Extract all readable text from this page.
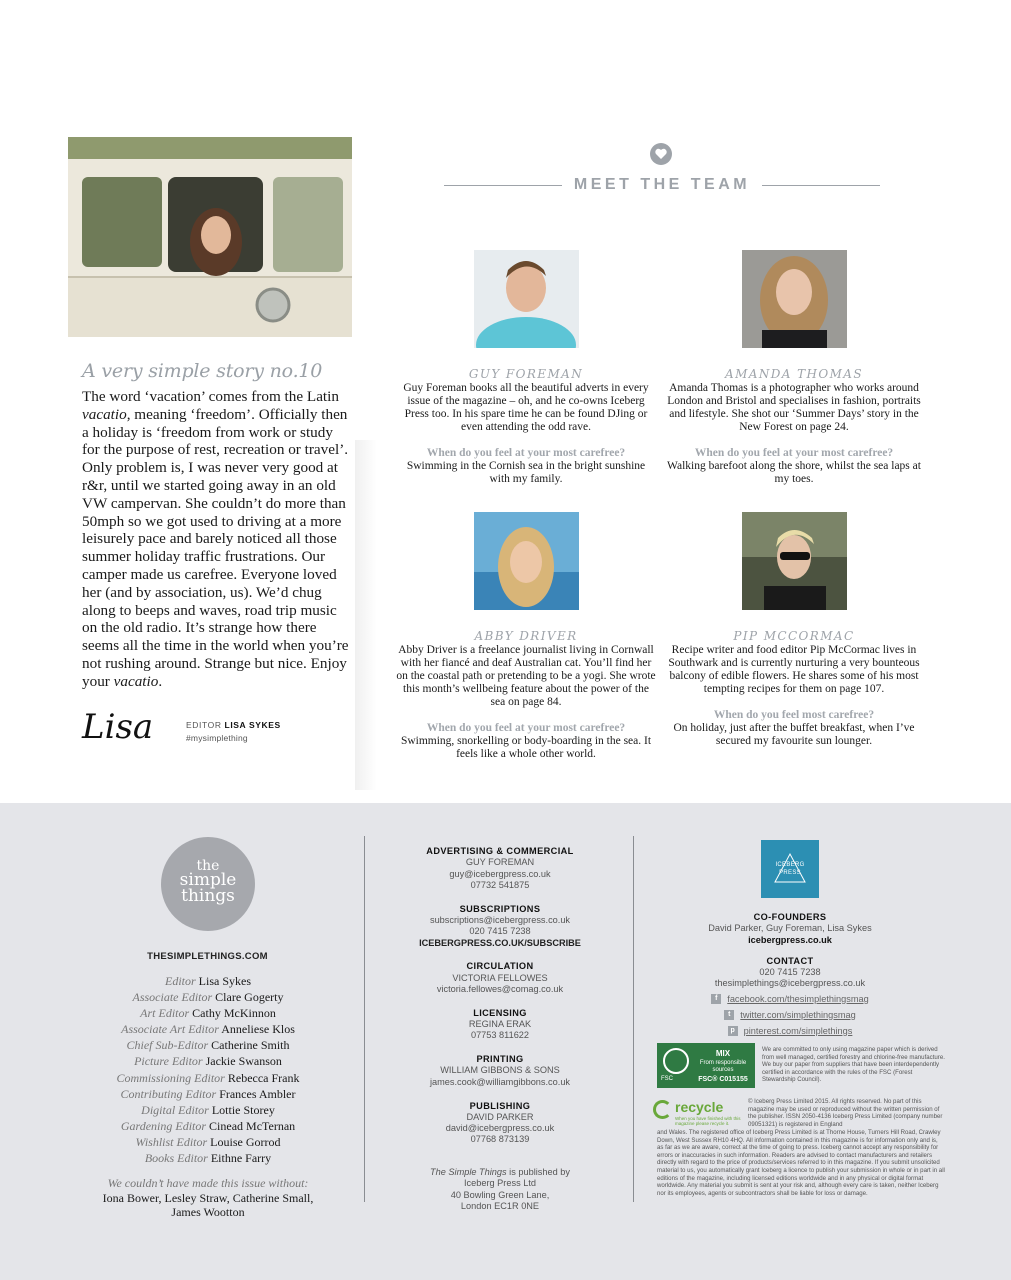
A very simple story no.10

The word ‘vacation’ comes from the Latin vacatio, meaning ‘freedom’. Officially then a holiday is ‘freedom from work or study for the purpose of rest, recreation or travel’. Only problem is, I was never very good at r&r, until we started going away in an old VW campervan. She couldn’t do more than 50mph so we got used to driving at a more leisurely pace and barely noticed all those summer holiday traffic frustrations. Our camper made us carefree. Everyone loved her (and by association, us). We’d chug along to beeps and waves, road trip music on the old radio. It’s strange how there seems all the time in the world when you’re not rushing around. Strange but nice. Enjoy your vacatio.

Lisa	EDITOR LISA SYKES
#mysimplething
MEET THE TEAM
GUY FOREMAN
Guy Foreman books all the beautiful adverts in every issue of the magazine – oh, and he co-owns Iceberg Press too. In his spare time he can be found DJing or even attending the odd rave.
When do you feel at your most carefree?
Swimming in the Cornish sea in the bright sunshine with my family.
AMANDA THOMAS
Amanda Thomas is a photographer who works around London and Bristol and specialises in fashion, portraits and lifestyle. She shot our ‘Summer Days’ story in the New Forest on page 24.
When do you feel at your most carefree?
Walking barefoot along the shore, whilst the sea laps at my toes.
ABBY DRIVER
Abby Driver is a freelance journalist living in Cornwall with her fiancé and deaf Australian cat. You’ll find her on the coastal path or pretending to be a yogi. She wrote this month’s wellbeing feature about the power of the sea on page 84.
When do you feel at your most carefree?
Swimming, snorkelling or body-boarding in the sea. It feels like a whole other world.
PIP MCCORMAC
Recipe writer and food editor Pip McCormac lives in Southwark and is currently nurturing a very bounteous balcony of edible flowers. He shares some of his most tempting recipes for them on page 107.
When do you feel most carefree?
On holiday, just after the buffet breakfast, when I’ve secured my favourite sun lounger.
the
simple
things
THESIMPLETHINGS.COM
Editor Lisa Sykes
Associate Editor Clare Gogerty
Art Editor Cathy McKinnon
Associate Art Editor Anneliese Klos
Chief Sub-Editor Catherine Smith
Picture Editor Jackie Swanson
Commissioning Editor Rebecca Frank
Contributing Editor Frances Ambler
Digital Editor Lottie Storey
Gardening Editor Cinead McTernan
Wishlist Editor Louise Gorrod
Books Editor Eithne Farry
We couldn’t have made this issue without:
Iona Bower, Lesley Straw, Catherine Small, James Wootton
ADVERTISING & COMMERCIAL
GUY FOREMAN
guy@icebergpress.co.uk
07732 541875
SUBSCRIPTIONS
subscriptions@icebergpress.co.uk
020 7415 7238
ICEBERGPRESS.CO.UK/SUBSCRIBE
CIRCULATION
VICTORIA FELLOWES
victoria.fellowes@comag.co.uk
LICENSING
REGINA ERAK
07753 811622
PRINTING
WILLIAM GIBBONS & SONS
james.cook@williamgibbons.co.uk
PUBLISHING
DAVID PARKER
david@icebergpress.co.uk
07768 873139
The Simple Things is published by
Iceberg Press Ltd
40 Bowling Green Lane,
London EC1R 0NE
ICEBERG
PRESS
CO-FOUNDERS
David Parker, Guy Foreman, Lisa Sykes
icebergpress.co.uk
CONTACT
020 7415 7238
thesimplethings@icebergpress.co.uk
f	facebook.com/thesimplethingsmag
t	twitter.com/simplethingsmag
p pinterest.com/simplethings
FSC
MIX
From responsible sources
FSC® C015155
We are committed to only using magazine paper which is derived from well managed, certified forestry and chlorine-free manufacture. We buy our paper from suppliers that have been interdependently certified in accordance with the rules of the FSC (Forest Stewardship Council).
recycle
When you have finished with this magazine please recycle it.
© Iceberg Press Limited 2015. All rights reserved. No part of this magazine may be used or reproduced without the written permission of the publisher. ISSN 2050-4136 Iceberg Press Limited (company number 09051321) is registered in England
and Wales. The registered office of Iceberg Press Limited is at Thorne House, Turners Hill Road, Crawley Down, West Sussex RH10 4HQ. All information contained in this magazine is for information only and is, as far as we are aware, correct at the time of going to press. Iceberg cannot accept any responsibility for errors or inaccuracies in such information. Readers are advised to contact manufacturers and retailers directly with regard to the price of products/services referred to in this magazine. If you submit unsolicited material to us, you automatically grant Iceberg a licence to publish your submission in whole or in part in all editions of the magazine, including licensed editions worldwide and in any physical or digital format worldwide. Any material you submit is sent at your risk and, although every care is taken, neither Iceberg nor its employees, agents or subcontractors shall be liable for loss or damage.
